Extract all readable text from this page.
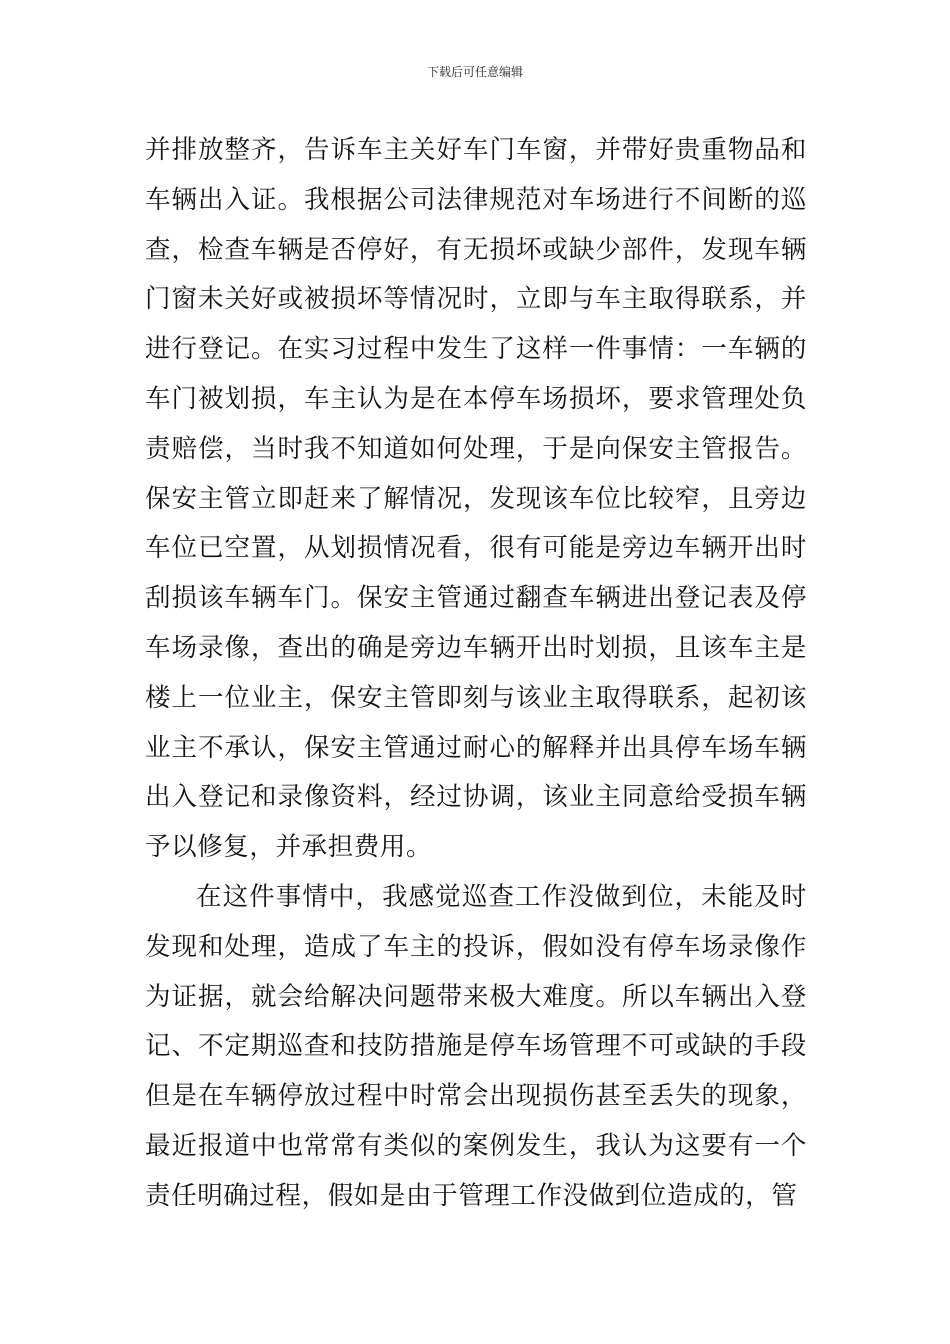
下载后可任意编辑

并排放整齐，告诉车主关好车门车窗，并带好贵重物品和车辆出入证。我根据公司法律规范对车场进行不间断的巡查，检查车辆是否停好，有无损坏或缺少部件，发现车辆门窗未关好或被损坏等情况时，立即与车主取得联系，并进行登记。在实习过程中发生了这样一件事情：一车辆的车门被划损，车主认为是在本停车场损坏，要求管理处负责赔偿，当时我不知道如何处理，于是向保安主管报告。保安主管立即赶来了解情况，发现该车位比较窄，且旁边车位已空置，从划损情况看，很有可能是旁边车辆开出时刮损该车辆车门。保安主管通过翻查车辆进出登记表及停车场录像，查出的确是旁边车辆开出时划损，且该车主是楼上一位业主，保安主管即刻与该业主取得联系，起初该业主不承认，保安主管通过耐心的解释并出具停车场车辆出入登记和录像资料，经过协调，该业主同意给受损车辆予以修复，并承担费用。

在这件事情中，我感觉巡查工作没做到位，未能及时发现和处理，造成了车主的投诉，假如没有停车场录像作为证据，就会给解决问题带来极大难度。所以车辆出入登记、不定期巡查和技防措施是停车场管理不可或缺的手段但是在车辆停放过程中时常会出现损伤甚至丢失的现象，最近报道中也常常有类似的案例发生，我认为这要有一个责任明确过程，假如是由于管理工作没做到位造成的，管
